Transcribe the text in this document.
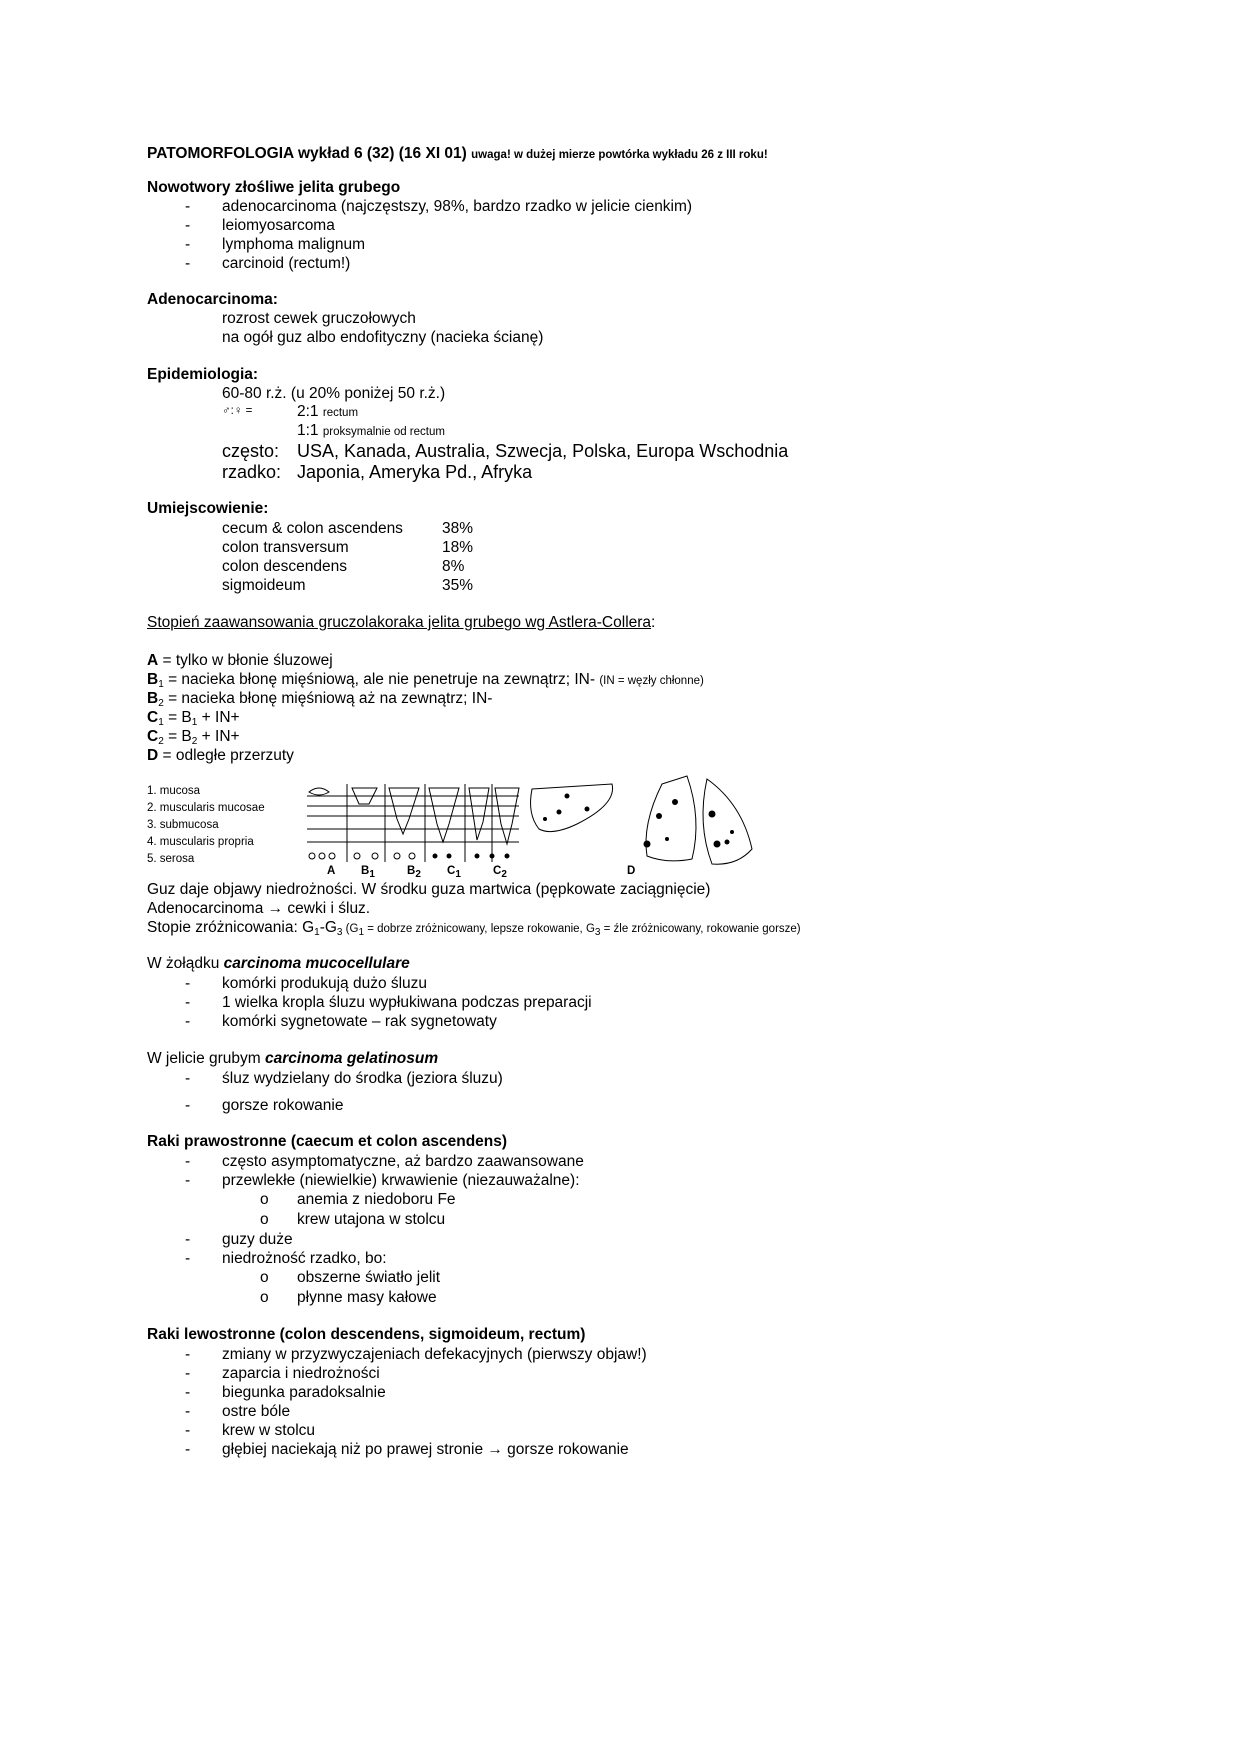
PATOMORFOLOGIA wykład 6 (32) (16 XI 01) uwaga! w dużej mierze powtórka wykładu 26 z III roku!
Nowotwory złośliwe jelita grubego
- adenocarcinoma (najczęstszy, 98%, bardzo rzadko w jelicie cienkim)
- leiomyosarcoma
- lymphoma malignum
- carcinoid (rectum!)
Adenocarcinoma:
rozrost cewek gruczołowych
na ogół guz albo endofityczny (nacieka ścianę)
Epidemiologia:
60-80 r.ż. (u 20% poniżej 50 r.ż.)
♂:♀ =	2:1 rectum
1:1 proksymalnie od rectum
często: USA, Kanada, Australia, Szwecja, Polska, Europa Wschodnia
rzadko: Japonia, Ameryka Pd., Afryka
Umiejscowienie:
cecum & colon ascendens	38%
colon transversum	18%
colon descendens	8%
sigmoideum	35%
Stopień zaawansowania gruczolakoraka jelita grubego wg Astlera-Collera:
A = tylko w błonie śluzowej
$B_1$ = nacieka błonę mięśniową, ale nie penetruje na zewnątrz; IN- (IN = węzły chłonne)
$B_2$ = nacieka błonę mięśniową aż na zewnątrz; IN-
$C_1 = B_1 + IN+$
$C_2 = B_2 + IN+$
D = odległe przerzuty
1. mucosa
2. muscularis mucosae
3. submucosa
4. muscularis propria
5. serosa
A $B_1$	$B_2$ $C_1$	$C_2$	D
Guz daje objawy niedrożności. W środku guza martwica (pępkowate zaciągnięcie)
Adenocarcinoma → cewki i śluz.
Stopie zróżnicowania: $G_1-G_3$ ($G_1$ = dobrze zróżnicowany, lepsze rokowanie, $G_3$ = źle zróżnicowany, rokowanie gorsze)
W żołądku carcinoma mucocellulare
- komórki produkują dużo śluzu
- 1 wielka kropla śluzu wypłukiwana podczas preparacji
- komórki sygnetowate – rak sygnetowaty
W jelicie grubym carcinoma gelatinosum
- śluz wydzielany do środka (jeziora śluzu)
- gorsze rokowanie
Raki prawostronne (caecum et colon ascendens)
- często asymptomatyczne, aż bardzo zaawansowane
- przewlekłe (niewielkie) krwawienie (niezauważalne):
o anemia z niedoboru Fe
o krew utajona w stolcu
- guzy duże
- niedrożność rzadko, bo:
o obszerne światło jelit
o płynne masy kałowe
Raki lewostronne (colon descendens, sigmoideum, rectum)
- zmiany w przyzwyczajeniach defekacyjnych (pierwszy objaw!)
- zaparcia i niedrożności
- biegunka paradoksalnie
- ostre bóle
- krew w stolcu
- głębiej naciekają niż po prawej stronie → gorsze rokowanie
